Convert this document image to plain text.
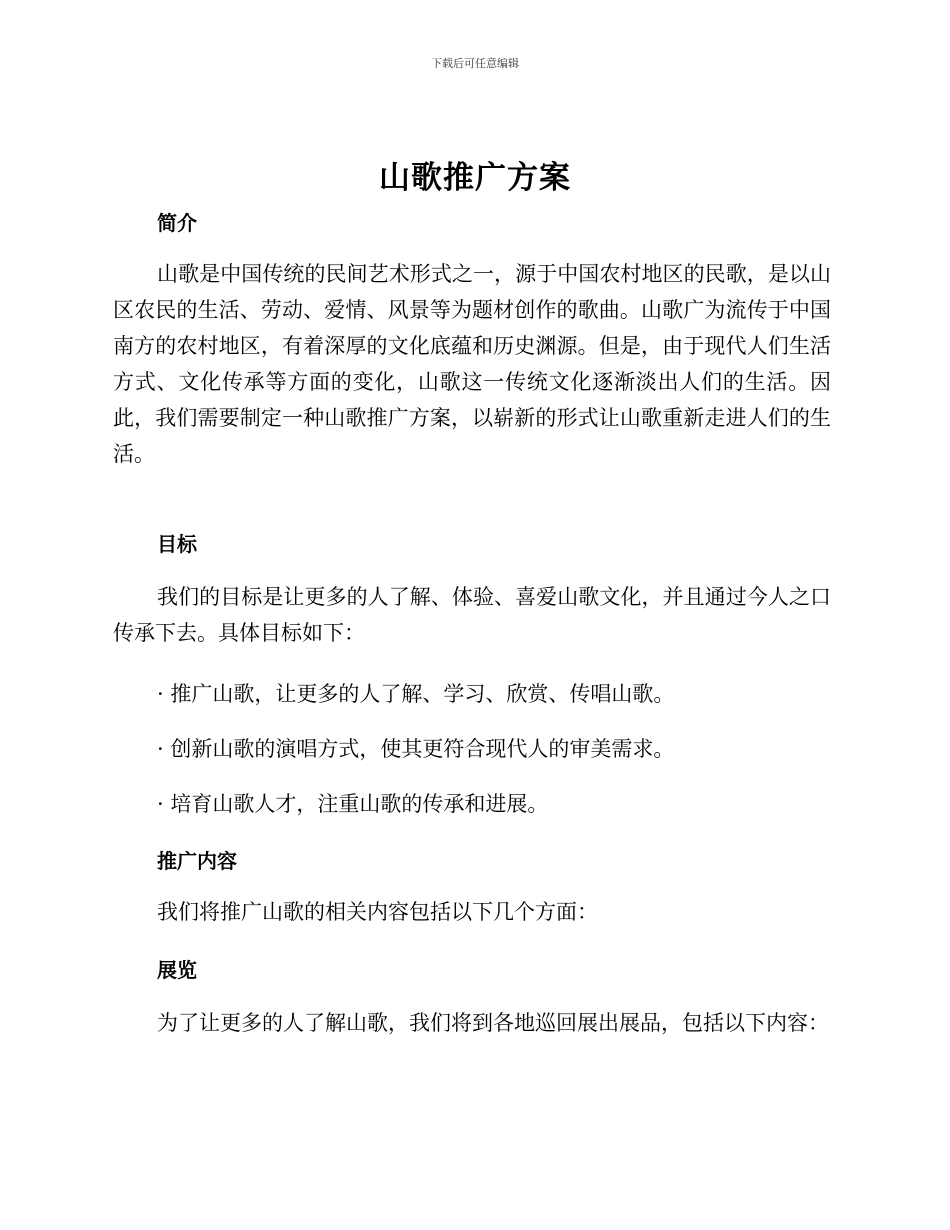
下载后可任意编辑
山歌推广方案
简介
山歌是中国传统的民间艺术形式之一，源于中国农村地区的民歌，是以山区农民的生活、劳动、爱情、风景等为题材创作的歌曲。山歌广为流传于中国南方的农村地区，有着深厚的文化底蕴和历史渊源。但是，由于现代人们生活方式、文化传承等方面的变化，山歌这一传统文化逐渐淡出人们的生活。因此，我们需要制定一种山歌推广方案，以崭新的形式让山歌重新走进人们的生活。
目标
我们的目标是让更多的人了解、体验、喜爱山歌文化，并且通过今人之口传承下去。具体目标如下：
· 推广山歌，让更多的人了解、学习、欣赏、传唱山歌。
· 创新山歌的演唱方式，使其更符合现代人的审美需求。
· 培育山歌人才，注重山歌的传承和进展。
推广内容
我们将推广山歌的相关内容包括以下几个方面：
展览
为了让更多的人了解山歌，我们将到各地巡回展出展品，包括以下内容：
